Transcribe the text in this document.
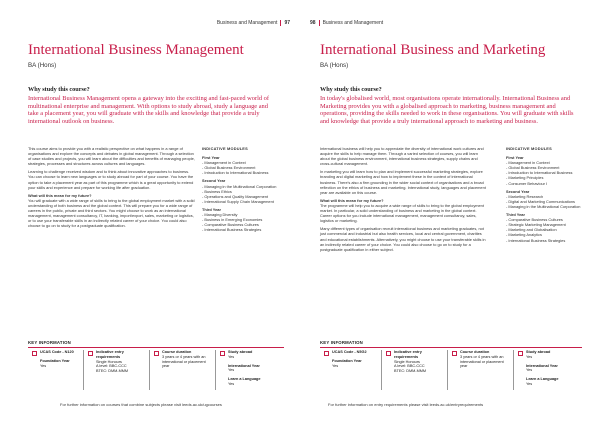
Business and Management 97
International Business Management
BA (Hons)
Why study this course?
International Business Management opens a gateway into the exciting and fast-paced world of multinational enterprise and management. With options to study abroad, study a language and take a placement year, you will graduate with the skills and knowledge that provide a truly international outlook on business.

This course aims to provide you with a realistic perspective on what happens in a range of organisations and explore the concepts and debates in global management. Through a selection of case studies and projects, you will learn about the difficulties and benefits of managing people, strategies, processes and structures across cultures and languages.

Learning to challenge received wisdom and to think about innovative approaches to business. You can choose to learn new languages or to study abroad for part of your course. You have the option to take a placement year as part of this programme which is a great opportunity to extend your skills and experience and prepare for working life after graduation.

What will this mean for my future?

You will graduate with a wide range of skills to bring to the global employment market with a solid understanding of both business and the global context. This will prepare you for a wide range of careers in the public, private and third sectors. You might choose to work as an international management, management consultancy, IT, banking, import/export, sales, marketing or logistics, or to use your transferable skills in an indirectly related career of your choice. You could also choose to go on to study for a postgraduate qualification.

INDICATIVE MODULES
First Year
- Management in Context
- Global Business Environment
- Introduction to International Business
Second Year
- Managing in the Multinational Corporation
- Business Ethics
- Operations and Quality Management
- International Supply Chain Management
Third Year
- Managing Diversity
- Business in Emerging Economies
- Comparative Business Cultures
- International Business Strategies
KEY INFORMATION
UCAS Code - N120
Foundation Year
Yes
Indicative entry requirements
Single Honours
A level: BBC-CCC
BTEC: DMM-MMM
Course duration
3 years or 4 years with an international or placement year
Study abroad
Yes
International Year
Yes
Learn a Language
Yes
For further information on courses that combine subjects please visit leeds.ac.uk/ugcourses
98 Business and Management
International Business and Marketing
BA (Hons)
Why study this course?
In today's globalised world, most organisations operate internationally. International Business and Marketing provides you with a globalised approach to marketing, business management and operations, providing the skills needed to work in these organisations. You will graduate with skills and knowledge that provide a truly international approach to marketing and business.

International business will help you to appreciate the diversity of international work cultures and acquire the skills to help manage them. Through a varied selection of courses, you will learn about the global business environment, international business strategies, supply chains and cross-cultural management.

In marketing you will learn how to plan and implement successful marketing strategies, explore branding and digital marketing and how to implement these in the context of international business. There's also a firm grounding in the wider social context of organisations and a broad reflection on the ethics of business and marketing. International study, languages and placement year are available on this course.

What will this mean for my future?

The programme will help you to acquire a wide range of skills to bring to the global employment market. In particular, a solid understanding of business and marketing in the global context. Career options for you include international management, management consultancy, sales, logistics or marketing.

Many different types of organisation recruit international business and marketing graduates, not just commercial and industrial but also health services, local and central government, charities and educational establishments. Alternatively, you might choose to use your transferable skills in an indirectly related career of your choice. You could also choose to go on to study for a postgraduate qualification in either subject.

INDICATIVE MODULES
First Year
- Management in Context
- Global Business Environment
- Introduction to International Business
- Marketing Principles
- Consumer Behaviour I
Second Year
- Marketing Research
- Digital and Marketing Communications
- Managing in the Multinational Corporation
Third Year
- Comparative Business Cultures
- Strategic Marketing Management
- Marketing and Globalisation
- Marketing Analytics
- International Business Strategies
KEY INFORMATION
UCAS Code - N5G2
Foundation Year
Yes
Indicative entry requirements
Single Honours
A level: BBC-CCC
BTEC: DMM-MMM
Course duration
3 years or 4 years with an international or placement year
Study abroad
Yes
International Year
Yes
Learn a Language
Yes
For further information on entry requirements please visit leeds.ac.uk/entryrequirements
